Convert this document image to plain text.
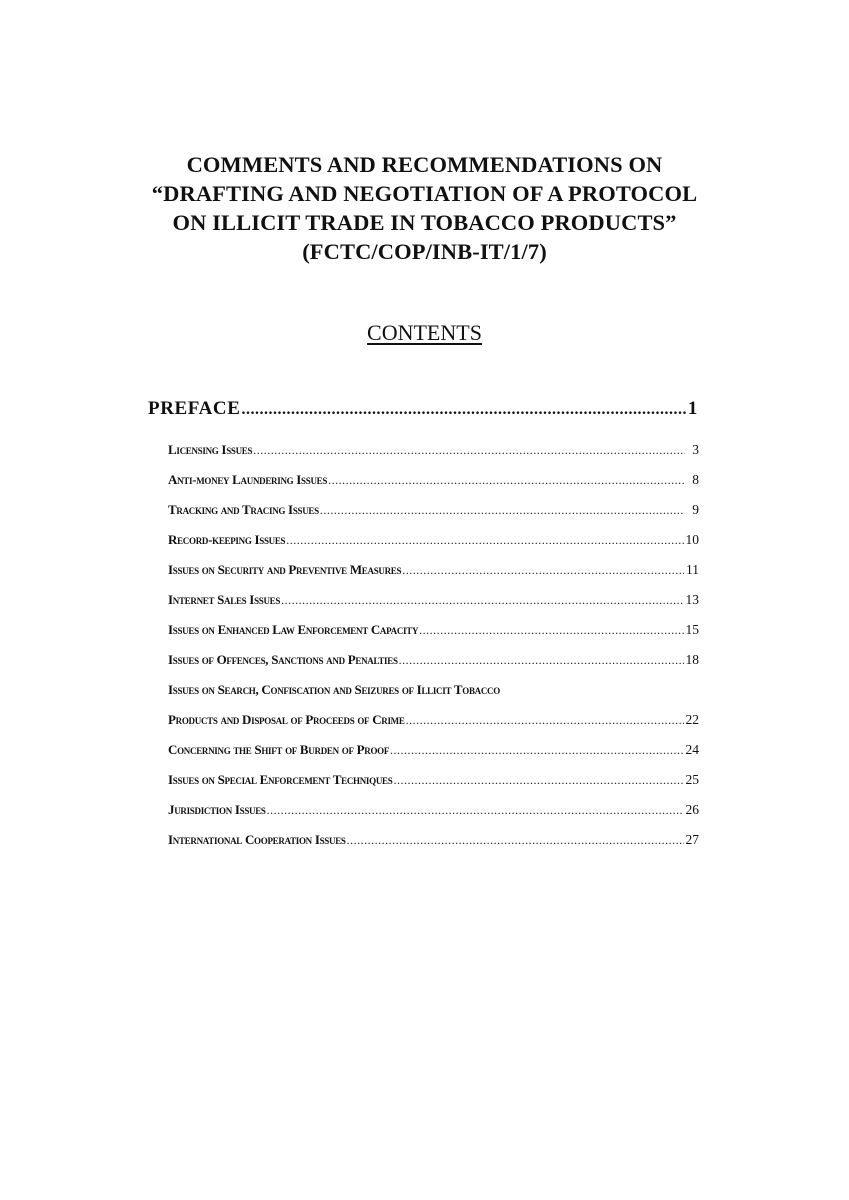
COMMENTS AND RECOMMENDATIONS ON
“DRAFTING AND NEGOTIATION OF A PROTOCOL
ON ILLICIT TRADE IN TOBACCO PRODUCTS”
(FCTC/COP/INB-IT/1/7)
CONTENTS
PREFACE .....	1
Licensing Issues .....	3
Anti-money Laundering Issues .....	8
Tracking and Tracing Issues .....	9
Record-keeping Issues .....	10
Issues on Security and Preventive Measures .....	11
Internet Sales Issues .....	13
Issues on Enhanced Law Enforcement Capacity .....	15
Issues of Offences, Sanctions and Penalties .....	18
Issues on Search, Confiscation and Seizures of Illicit Tobacco
Products and Disposal of Proceeds of Crime .....	22
Concerning the Shift of Burden of Proof .....	24
Issues on Special Enforcement Techniques .....	25
Jurisdiction Issues .....	26
International Cooperation Issues .....	27
